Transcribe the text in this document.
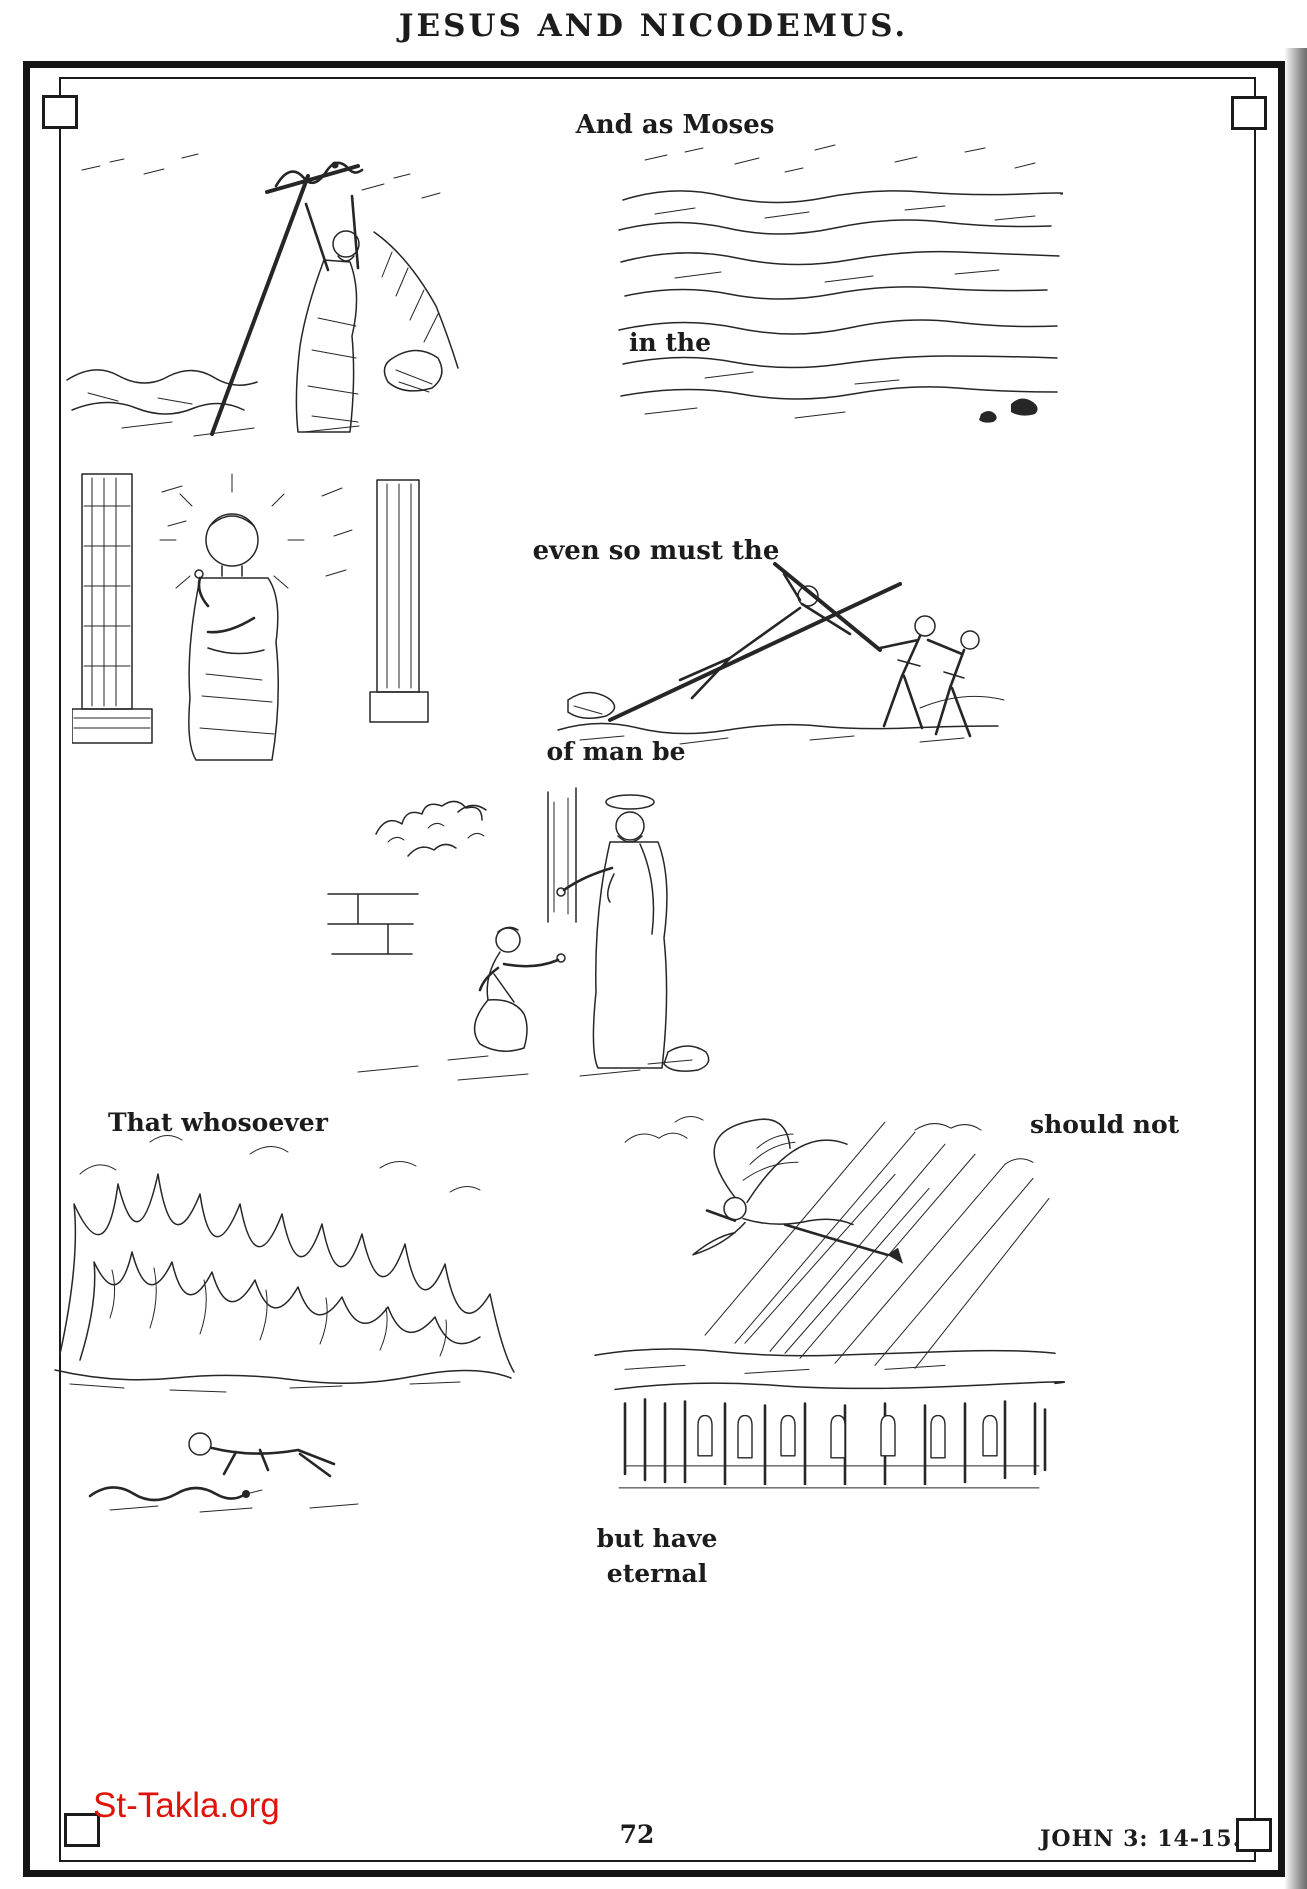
JESUS AND NICODEMUS.
And as Moses
in the
even so must the
of man be
That whosoever	should not
but have
eternal
St-Takla.org
72	JOHN 3: 14-15.
